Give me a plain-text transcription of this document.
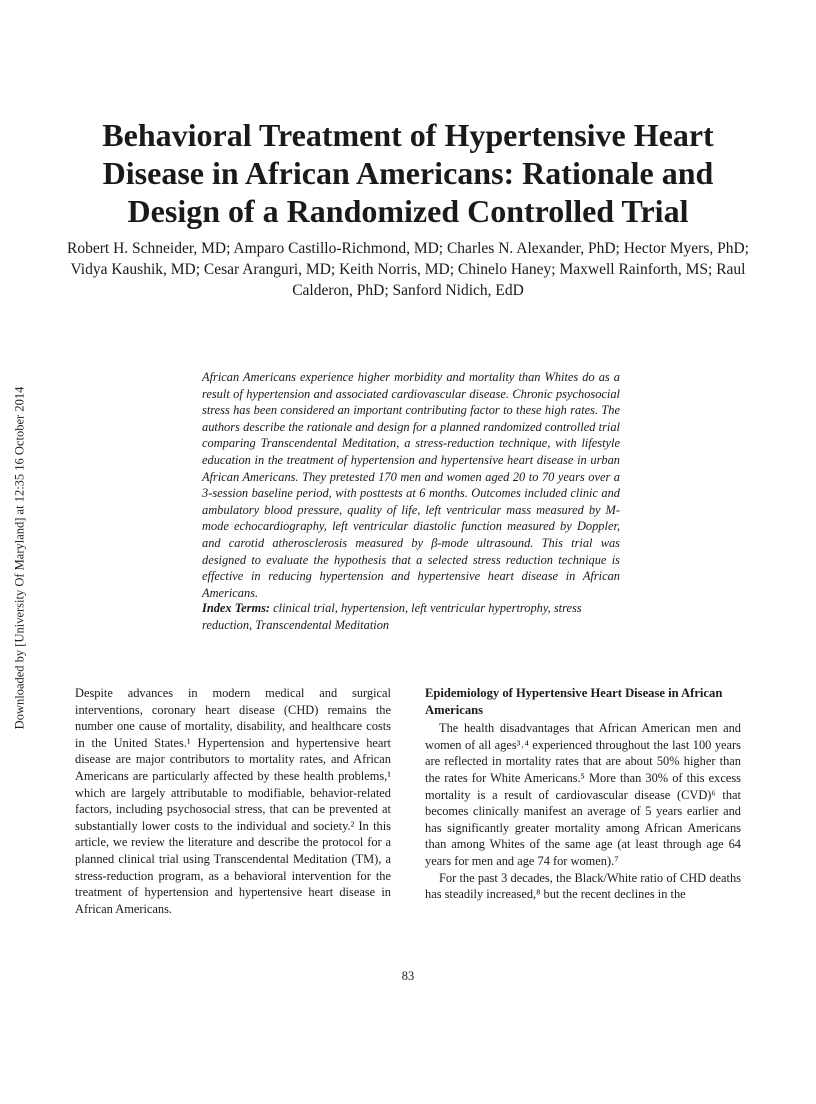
Downloaded by [University Of Maryland] at 12:35 16 October 2014
Behavioral Treatment of Hypertensive Heart Disease in African Americans: Rationale and Design of a Randomized Controlled Trial

Robert H. Schneider, MD; Amparo Castillo-Richmond, MD; Charles N. Alexander, PhD; Hector Myers, PhD; Vidya Kaushik, MD; Cesar Aranguri, MD; Keith Norris, MD; Chinelo Haney; Maxwell Rainforth, MS; Raul Calderon, PhD; Sanford Nidich, EdD

African Americans experience higher morbidity and mortality than Whites do as a result of hypertension and associated cardiovascular disease. Chronic psychosocial stress has been considered an important contributing factor to these high rates. The authors describe the rationale and design for a planned randomized controlled trial comparing Transcendental Meditation, a stress-reduction technique, with lifestyle education in the treatment of hypertension and hypertensive heart disease in urban African Americans. They pretested 170 men and women aged 20 to 70 years over a 3-session baseline period, with posttests at 6 months. Outcomes included clinic and ambulatory blood pressure, quality of life, left ventricular mass measured by M-mode echocardiography, left ventricular diastolic function measured by Doppler, and carotid atherosclerosis measured by β-mode ultrasound. This trial was designed to evaluate the hypothesis that a selected stress reduction technique is effective in reducing hypertension and hypertensive heart disease in African Americans.

Index Terms: clinical trial, hypertension, left ventricular hypertrophy, stress reduction, Transcendental Meditation

Despite advances in modern medical and surgical interventions, coronary heart disease (CHD) remains the number one cause of mortality, disability, and healthcare costs in the United States.¹ Hypertension and hypertensive heart disease are major contributors to mortality rates, and African Americans are particularly affected by these health problems,¹ which are largely attributable to modifiable, behavior-related factors, including psychosocial stress, that can be prevented at substantially lower costs to the individual and society.² In this article, we review the literature and describe the protocol for a planned clinical trial using Transcendental Meditation (TM), a stress-reduction program, as a behavioral intervention for the treatment of hypertension and hypertensive heart disease in African Americans.

Epidemiology of Hypertensive Heart Disease in African Americans

The health disadvantages that African American men and women of all ages³˒⁴ experienced throughout the last 100 years are reflected in mortality rates that are about 50% higher than the rates for White Americans.⁵ More than 30% of this excess mortality is a result of cardiovascular disease (CVD)⁶ that becomes clinically manifest an average of 5 years earlier and has significantly greater mortality among African Americans than among Whites of the same age (at least through age 64 years for men and age 74 for women).⁷

For the past 3 decades, the Black/White ratio of CHD deaths has steadily increased,⁸ but the recent declines in the

83
